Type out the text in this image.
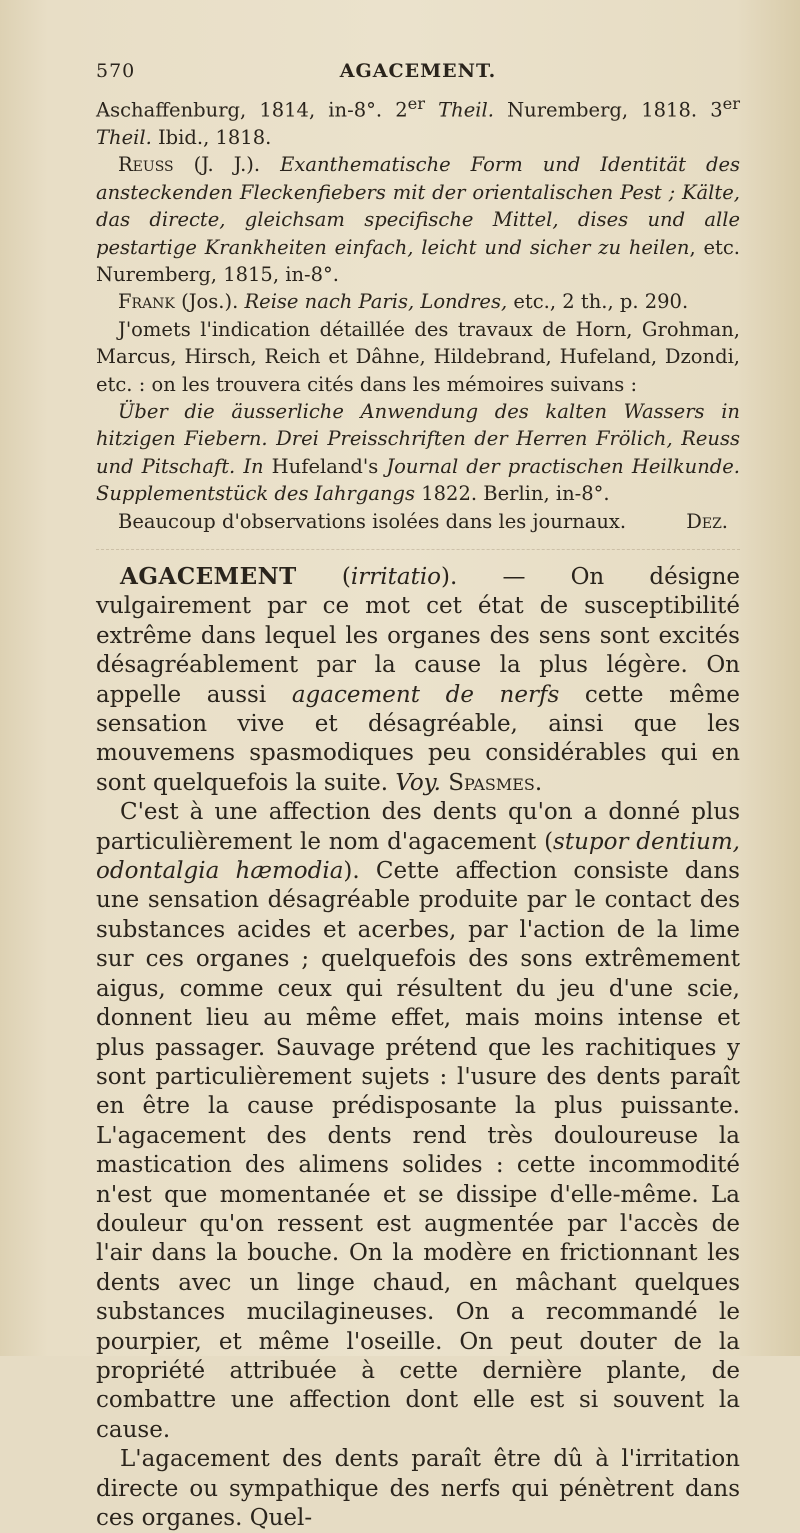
570	AGACEMENT.

Aschaffenburg, 1814, in-8°. 2er Theil. Nuremberg, 1818. 3er Theil. Ibid., 1818.

Reuss (J. J.). Exanthematische Form und Identität des ansteckenden Fleckenfiebers mit der orientalischen Pest ; Kälte, das directe, gleichsam specifische Mittel, dises und alle pestartige Krankheiten einfach, leicht und sicher zu heilen, etc. Nuremberg, 1815, in-8°.

Frank (Jos.). Reise nach Paris, Londres, etc., 2 th., p. 290.

J'omets l'indication détaillée des travaux de Horn, Grohman, Marcus, Hirsch, Reich et Dâhne, Hildebrand, Hufeland, Dzondi, etc. : on les trouvera cités dans les mémoires suivans :

Über die äusserliche Anwendung des kalten Wassers in hitzigen Fiebern. Drei Preisschriften der Herren Frölich, Reuss und Pitschaft. In Hufeland's Journal der practischen Heilkunde. Supplementstück des Iahrgangs 1822. Berlin, in-8°.

Beaucoup d'observations isolées dans les journaux.	Dez.

AGACEMENT (irritatio). — On désigne vulgairement par ce mot cet état de susceptibilité extrême dans lequel les organes des sens sont excités désagréablement par la cause la plus légère. On appelle aussi agacement de nerfs cette même sensation vive et désagréable, ainsi que les mouvemens spasmodiques peu considérables qui en sont quelquefois la suite. Voy. Spasmes.

C'est à une affection des dents qu'on a donné plus particulièrement le nom d'agacement (stupor dentium, odontalgia hæmodia). Cette affection consiste dans une sensation désagréable produite par le contact des substances acides et acerbes, par l'action de la lime sur ces organes ; quelquefois des sons extrêmement aigus, comme ceux qui résultent du jeu d'une scie, donnent lieu au même effet, mais moins intense et plus passager. Sauvage prétend que les rachitiques y sont particulièrement sujets : l'usure des dents paraît en être la cause prédisposante la plus puissante. L'agacement des dents rend très douloureuse la mastication des alimens solides : cette incommodité n'est que momentanée et se dissipe d'elle-même. La douleur qu'on ressent est augmentée par l'accès de l'air dans la bouche. On la modère en frictionnant les dents avec un linge chaud, en mâchant quelques substances mucilagineuses. On a recommandé le pourpier, et même l'oseille. On peut douter de la propriété attribuée à cette dernière plante, de combattre une affection dont elle est si souvent la cause.

L'agacement des dents paraît être dû à l'irritation directe ou sympathique des nerfs qui pénètrent dans ces organes. Quel-
